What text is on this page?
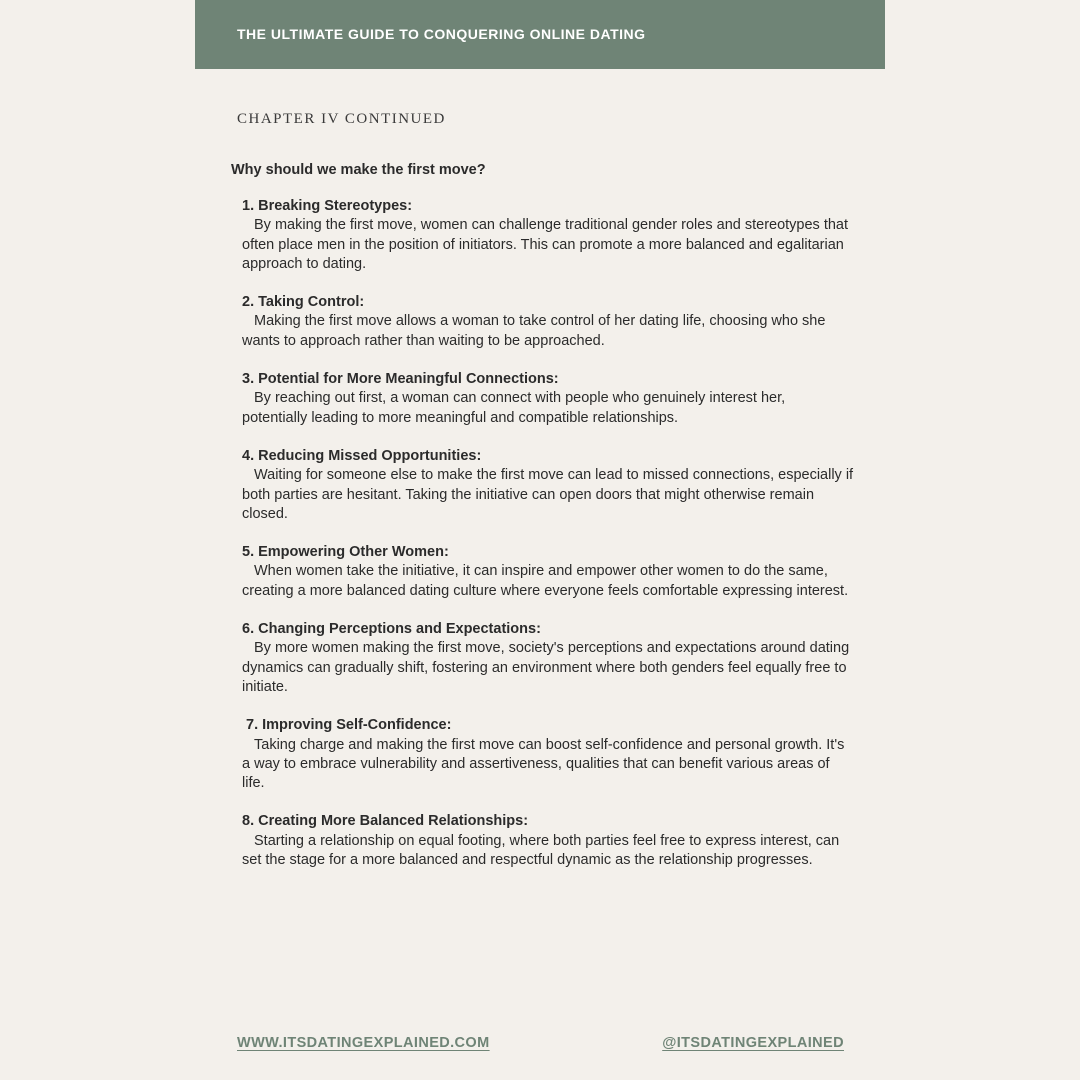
THE ULTIMATE GUIDE TO CONQUERING ONLINE DATING
CHAPTER IV CONTINUED
Why should we make the first move?
1. Breaking Stereotypes:
By making the first move, women can challenge traditional gender roles and stereotypes that often place men in the position of initiators. This can promote a more balanced and egalitarian approach to dating.
2. Taking Control:
Making the first move allows a woman to take control of her dating life, choosing who she wants to approach rather than waiting to be approached.
3. Potential for More Meaningful Connections:
By reaching out first, a woman can connect with people who genuinely interest her, potentially leading to more meaningful and compatible relationships.
4. Reducing Missed Opportunities:
Waiting for someone else to make the first move can lead to missed connections, especially if both parties are hesitant. Taking the initiative can open doors that might otherwise remain closed.
5. Empowering Other Women:
When women take the initiative, it can inspire and empower other women to do the same, creating a more balanced dating culture where everyone feels comfortable expressing interest.
6. Changing Perceptions and Expectations:
By more women making the first move, society's perceptions and expectations around dating dynamics can gradually shift, fostering an environment where both genders feel equally free to initiate.
7. Improving Self-Confidence:
Taking charge and making the first move can boost self-confidence and personal growth. It's a way to embrace vulnerability and assertiveness, qualities that can benefit various areas of life.
8. Creating More Balanced Relationships:
Starting a relationship on equal footing, where both parties feel free to express interest, can set the stage for a more balanced and respectful dynamic as the relationship progresses.
WWW.ITSDATINGEXPLAINED.COM	@ITSDATINGEXPLAINED
